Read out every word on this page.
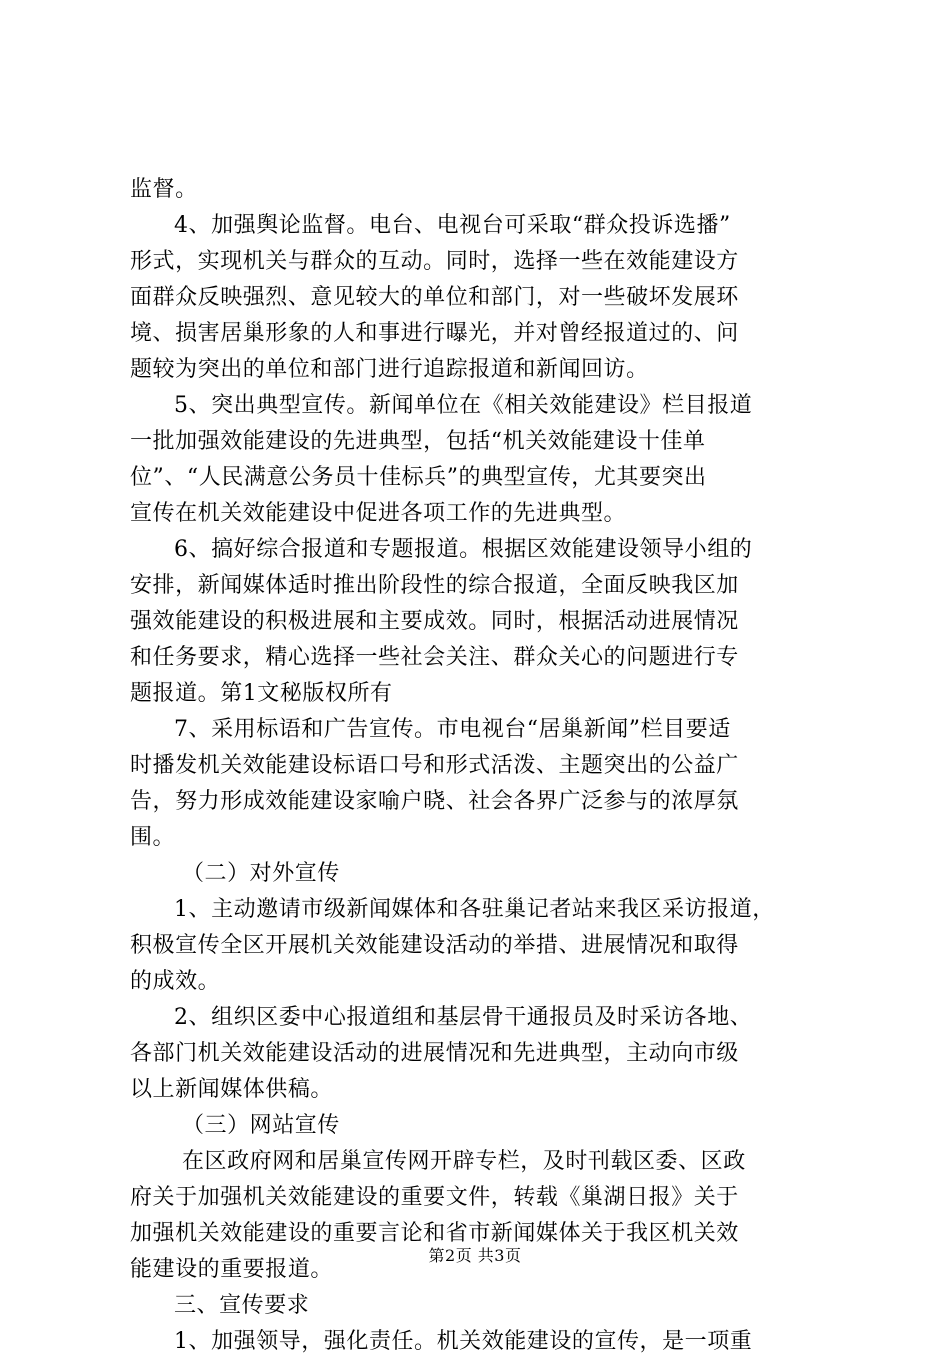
监督。
4、加强舆论监督。电台、电视台可采取“群众投诉选播”
形式，实现机关与群众的互动。同时，选择一些在效能建设方
面群众反映强烈、意见较大的单位和部门，对一些破坏发展环
境、损害居巢形象的人和事进行曝光，并对曾经报道过的、问
题较为突出的单位和部门进行追踪报道和新闻回访。
5、突出典型宣传。新闻单位在《相关效能建设》栏目报道
一批加强效能建设的先进典型，包括“机关效能建设十佳单
位”、“人民满意公务员十佳标兵”的典型宣传，尤其要突出
宣传在机关效能建设中促进各项工作的先进典型。
6、搞好综合报道和专题报道。根据区效能建设领导小组的
安排，新闻媒体适时推出阶段性的综合报道，全面反映我区加
强效能建设的积极进展和主要成效。同时，根据活动进展情况
和任务要求，精心选择一些社会关注、群众关心的问题进行专
题报道。第1文秘版权所有
7、采用标语和广告宣传。市电视台“居巢新闻”栏目要适
时播发机关效能建设标语口号和形式活泼、主题突出的公益广
告，努力形成效能建设家喻户晓、社会各界广泛参与的浓厚氛
围。
（二）对外宣传
1、主动邀请市级新闻媒体和各驻巢记者站来我区采访报道，
积极宣传全区开展机关效能建设活动的举措、进展情况和取得
的成效。
2、组织区委中心报道组和基层骨干通报员及时采访各地、
各部门机关效能建设活动的进展情况和先进典型，主动向市级
以上新闻媒体供稿。
（三）网站宣传
在区政府网和居巢宣传网开辟专栏，及时刊载区委、区政
府关于加强机关效能建设的重要文件，转载《巢湖日报》关于
加强机关效能建设的重要言论和省市新闻媒体关于我区机关效
能建设的重要报道。
三、宣传要求
1、加强领导，强化责任。机关效能建设的宣传，是一项重
第2页 共3页
